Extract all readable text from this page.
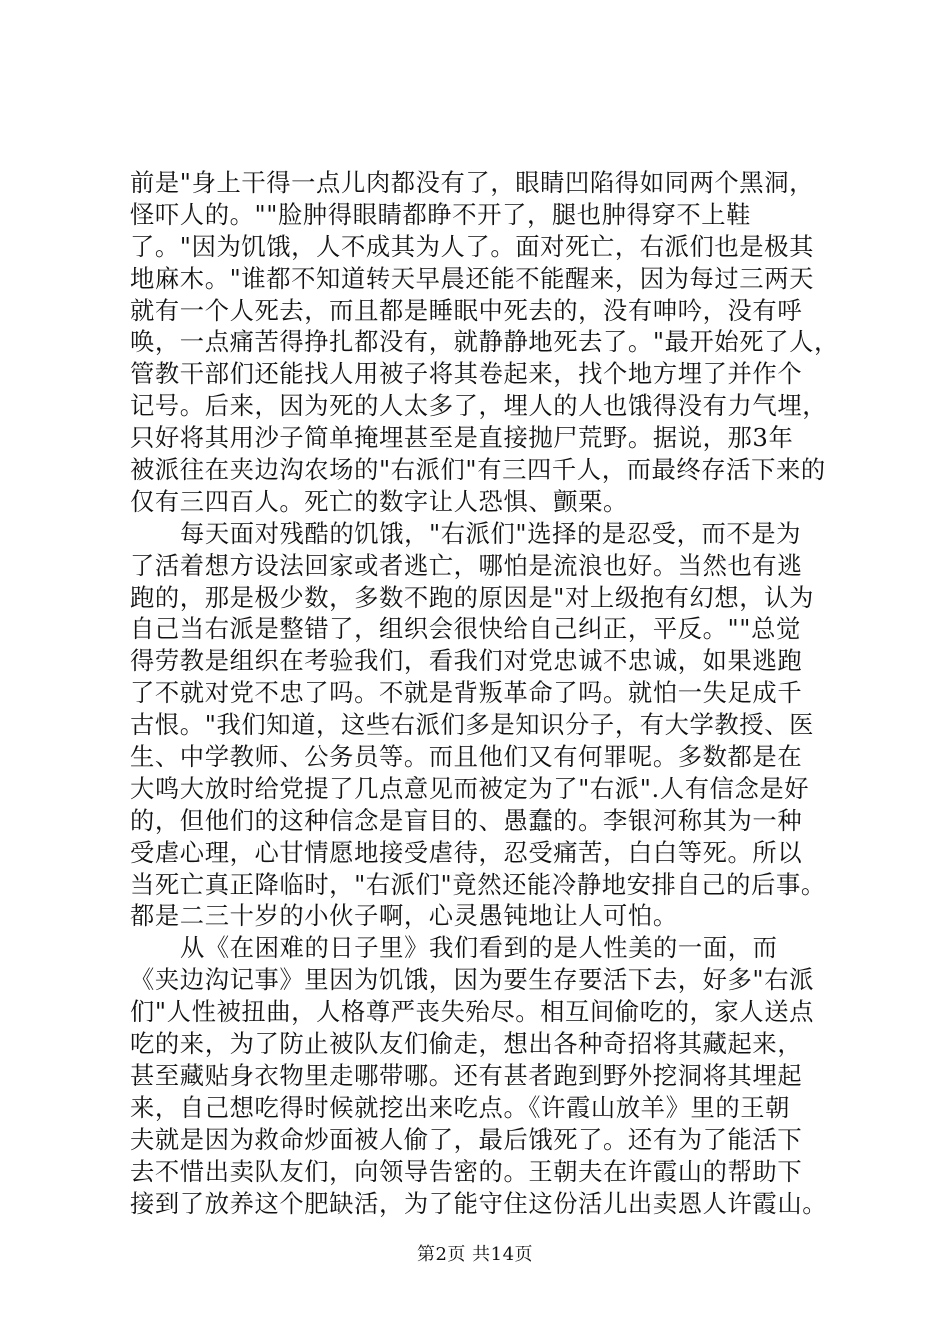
前是"身上干得一点儿肉都没有了，眼睛凹陷得如同两个黑洞，
怪吓人的。""脸肿得眼睛都睁不开了，腿也肿得穿不上鞋
了。"因为饥饿，人不成其为人了。面对死亡，右派们也是极其
地麻木。"谁都不知道转天早晨还能不能醒来，因为每过三两天
就有一个人死去，而且都是睡眠中死去的，没有呻吟，没有呼
唤，一点痛苦得挣扎都没有，就静静地死去了。"最开始死了人，
管教干部们还能找人用被子将其卷起来，找个地方埋了并作个
记号。后来，因为死的人太多了，埋人的人也饿得没有力气埋，
只好将其用沙子简单掩埋甚至是直接抛尸荒野。据说，那3年
被派往在夹边沟农场的"右派们"有三四千人，而最终存活下来的
仅有三四百人。死亡的数字让人恐惧、颤栗。
每天面对残酷的饥饿，"右派们"选择的是忍受，而不是为
了活着想方设法回家或者逃亡，哪怕是流浪也好。当然也有逃
跑的，那是极少数，多数不跑的原因是"对上级抱有幻想，认为
自己当右派是整错了，组织会很快给自己纠正，平反。""总觉
得劳教是组织在考验我们，看我们对党忠诚不忠诚，如果逃跑
了不就对党不忠了吗。不就是背叛革命了吗。就怕一失足成千
古恨。"我们知道，这些右派们多是知识分子，有大学教授、医
生、中学教师、公务员等。而且他们又有何罪呢。多数都是在
大鸣大放时给党提了几点意见而被定为了"右派".人有信念是好
的，但他们的这种信念是盲目的、愚蠢的。李银河称其为一种
受虐心理，心甘情愿地接受虐待，忍受痛苦，白白等死。所以
当死亡真正降临时，"右派们"竟然还能冷静地安排自己的后事。
都是二三十岁的小伙子啊，心灵愚钝地让人可怕。
从《在困难的日子里》我们看到的是人性美的一面，而
《夹边沟记事》里因为饥饿，因为要生存要活下去，好多"右派
们"人性被扭曲，人格尊严丧失殆尽。相互间偷吃的，家人送点
吃的来，为了防止被队友们偷走，想出各种奇招将其藏起来，
甚至藏贴身衣物里走哪带哪。还有甚者跑到野外挖洞将其埋起
来，自己想吃得时候就挖出来吃点。《许霞山放羊》里的王朝
夫就是因为救命炒面被人偷了，最后饿死了。还有为了能活下
去不惜出卖队友们，向领导告密的。王朝夫在许霞山的帮助下
接到了放养这个肥缺活，为了能守住这份活儿出卖恩人许霞山。
第2页 共14页
